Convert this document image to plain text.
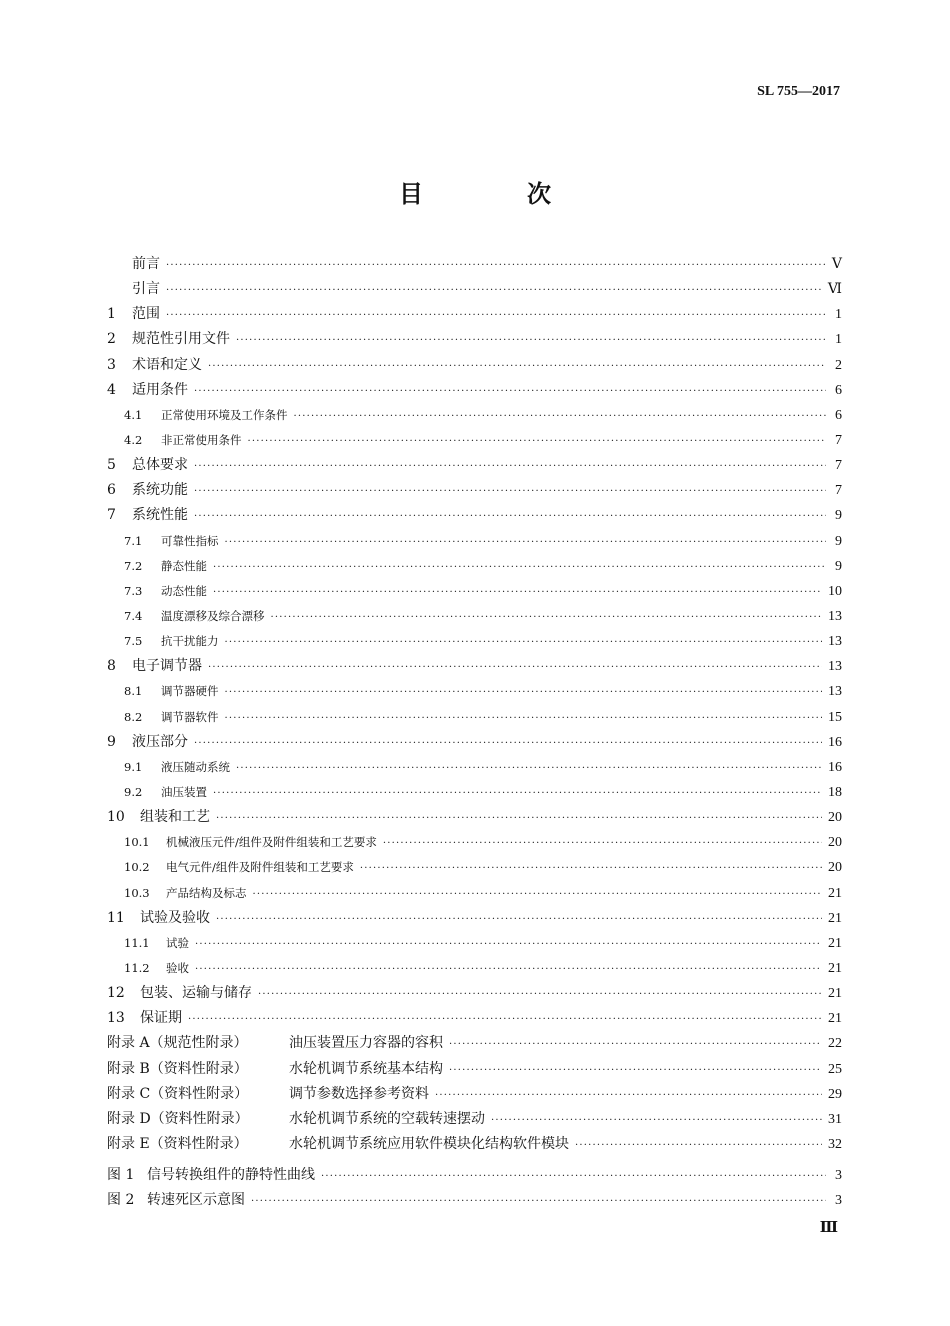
SL 755—2017
目　次
前言 ·····	Ⅴ
引言 ·····	Ⅵ
1	范围 ·····	1
2	规范性引用文件 ·····	1
3	术语和定义 ·····	2
4	适用条件 ·····	6
4.1	正常使用环境及工作条件 ·····	6
4.2	非正常使用条件 ·····	7
5	总体要求 ·····	7
6	系统功能 ·····	7
7	系统性能 ·····	9
7.1	可靠性指标 ·····	9
7.2	静态性能 ·····	9
7.3	动态性能 ·····	10
7.4	温度漂移及综合漂移 ·····	13
7.5	抗干扰能力 ·····	13
8	电子调节器 ·····	13
8.1	调节器硬件 ·····	13
8.2	调节器软件 ·····	15
9	液压部分 ·····	16
9.1	液压随动系统 ·····	16
9.2	油压装置 ·····	18
10	组装和工艺 ·····	20
10.1	机械液压元件/组件及附件组装和工艺要求 ·····	20
10.2	电气元件/组件及附件组装和工艺要求 ·····	20
10.3	产品结构及标志 ·····	21
11	试验及验收 ·····	21
11.1	试验 ·····	21
11.2	验收 ·····	21
12	包装、运输与储存 ·····	21
13	保证期 ·····	21
附录 A（规范性附录）	油压装置压力容器的容积 ·····	22
附录 B（资料性附录）	水轮机调节系统基本结构 ·····	25
附录 C（资料性附录）	调节参数选择参考资料 ·····	29
附录 D（资料性附录）	水轮机调节系统的空载转速摆动 ·····	31
附录 E（资料性附录）	水轮机调节系统应用软件模块化结构软件模块 ·····	32
图 1 信号转换组件的静特性曲线 ·····	3
图 2 转速死区示意图 ·····	3
Ⅲ
